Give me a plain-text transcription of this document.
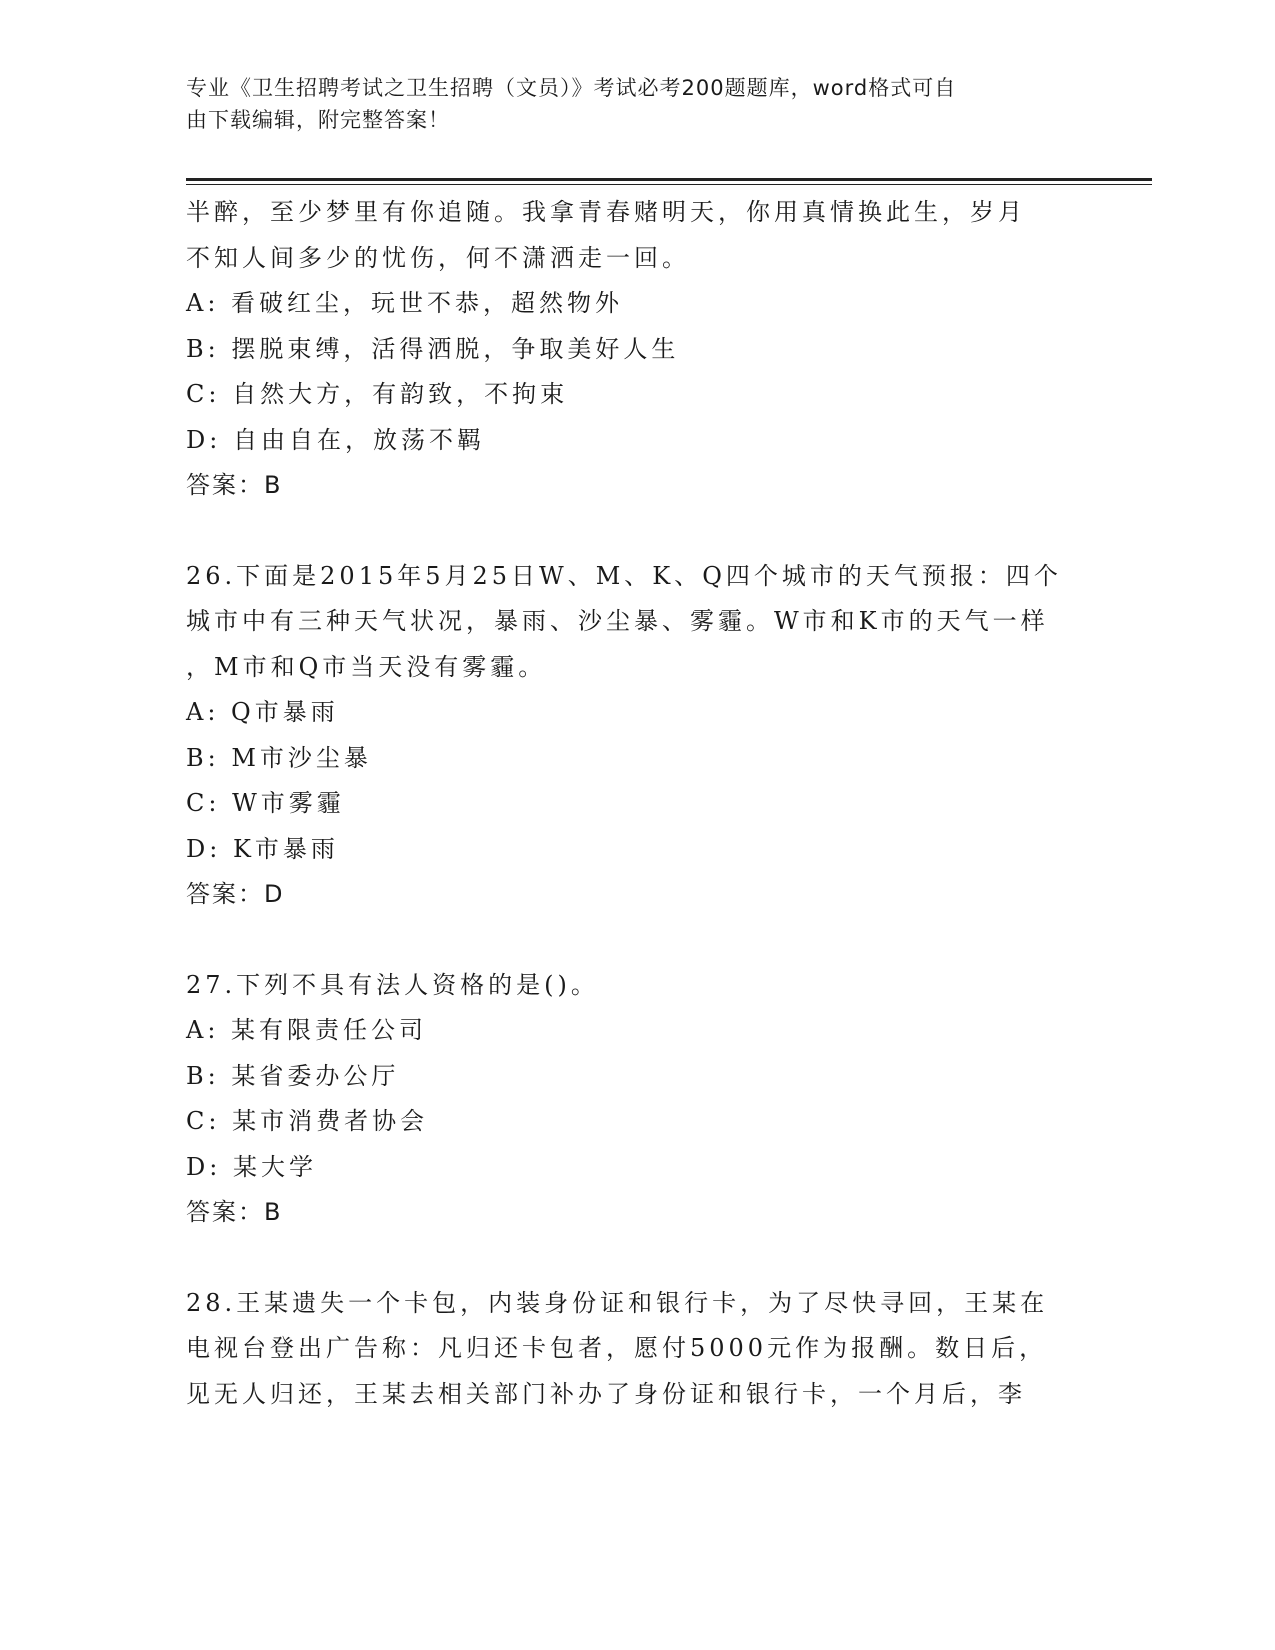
专业《卫生招聘考试之卫生招聘（文员）》考试必考200题题库，word格式可自
由下载编辑，附完整答案！
半醉，至少梦里有你追随。我拿青春赌明天，你用真情换此生，岁月
不知人间多少的忧伤，何不潇洒走一回。
A: 看破红尘，玩世不恭，超然物外
B: 摆脱束缚，活得洒脱，争取美好人生
C: 自然大方，有韵致，不拘束
D: 自由自在，放荡不羁
答案：B
26.下面是2015年5月25日W、M、K、Q四个城市的天气预报：四个
城市中有三种天气状况，暴雨、沙尘暴、雾霾。W市和K市的天气一样
，M市和Q市当天没有雾霾。
A: Q市暴雨
B: M市沙尘暴
C: W市雾霾
D: K市暴雨
答案：D
27.下列不具有法人资格的是()。
A: 某有限责任公司
B: 某省委办公厅
C: 某市消费者协会
D: 某大学
答案：B
28.王某遗失一个卡包，内装身份证和银行卡，为了尽快寻回，王某在
电视台登出广告称：凡归还卡包者，愿付5000元作为报酬。数日后，
见无人归还，王某去相关部门补办了身份证和银行卡，一个月后，李
